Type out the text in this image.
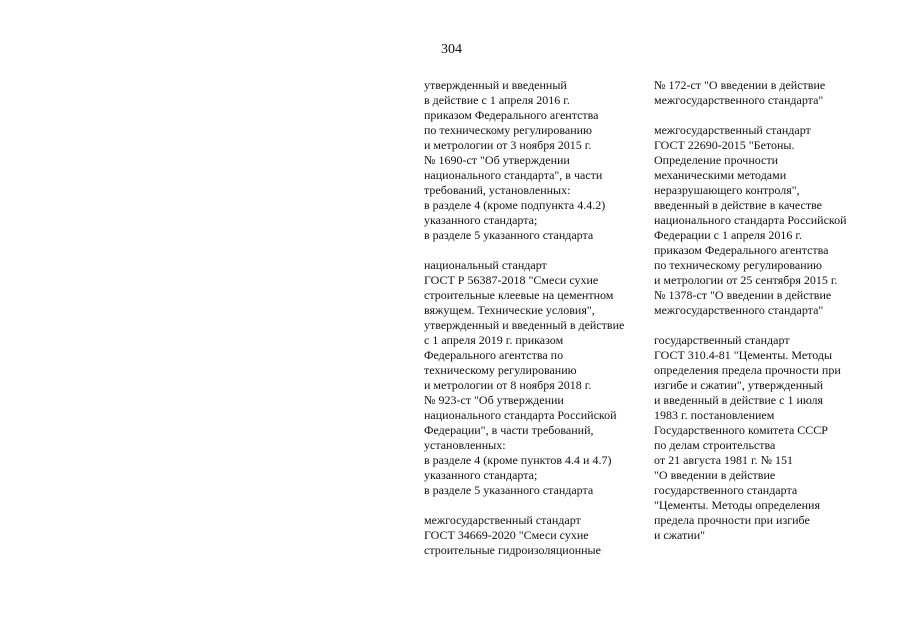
304
утвержденный и введенный
в действие с 1 апреля 2016 г.
приказом Федерального агентства
по техническому регулированию
и метрологии от 3 ноября 2015 г.
№ 1690-ст "Об утверждении
национального стандарта", в части
требований, установленных:
в разделе 4 (кроме подпункта 4.4.2)
указанного стандарта;
в разделе 5 указанного стандарта
национальный стандарт
ГОСТ Р 56387-2018 "Смеси сухие
строительные клеевые на цементном
вяжущем. Технические условия",
утвержденный и введенный в действие
с 1 апреля 2019 г. приказом
Федерального агентства по
техническому регулированию
и метрологии от 8 ноября 2018 г.
№ 923-ст "Об утверждении
национального стандарта Российской
Федерации", в части требований,
установленных:
в разделе 4 (кроме пунктов 4.4 и 4.7)
указанного стандарта;
в разделе 5 указанного стандарта
межгосударственный стандарт
ГОСТ 34669-2020 "Смеси сухие
строительные гидроизоляционные
№ 172-ст "О введении в действие
межгосударственного стандарта"
межгосударственный стандарт
ГОСТ 22690-2015 "Бетоны.
Определение прочности
механическими методами
неразрушающего контроля",
введенный в действие в качестве
национального стандарта Российской
Федерации с 1 апреля 2016 г.
приказом Федерального агентства
по техническому регулированию
и метрологии от 25 сентября 2015 г.
№ 1378-ст "О введении в действие
межгосударственного стандарта"
государственный стандарт
ГОСТ 310.4-81 "Цементы. Методы
определения предела прочности при
изгибе и сжатии", утвержденный
и введенный в действие с 1 июля
1983 г. постановлением
Государственного комитета СССР
по делам строительства
от 21 августа 1981 г. № 151
"О введении в действие
государственного стандарта
"Цементы. Методы определения
предела прочности при изгибе
и сжатии"
